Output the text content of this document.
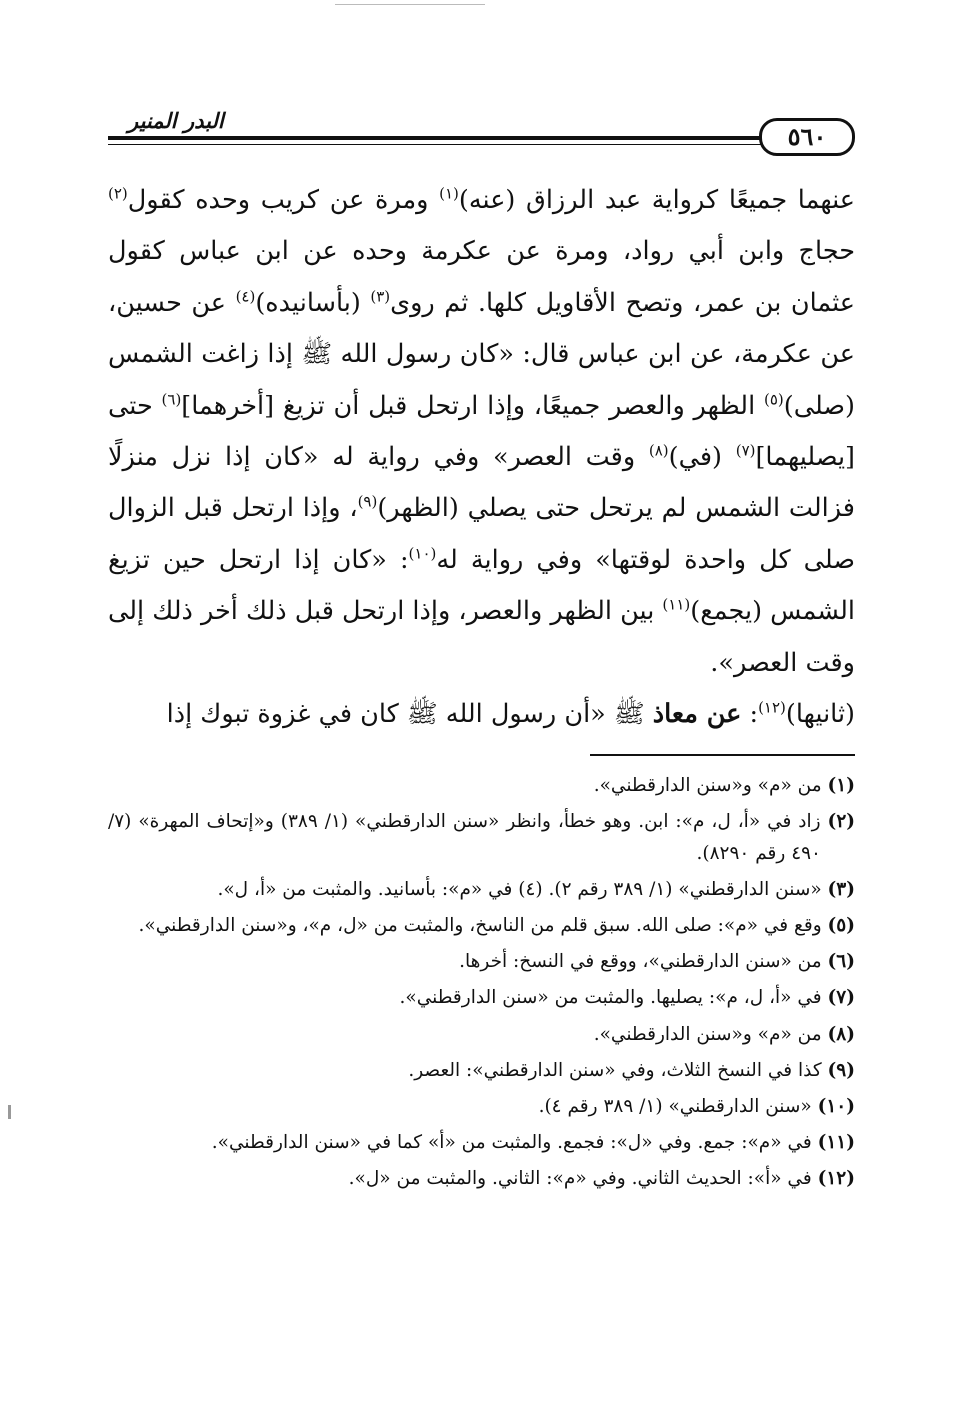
٥٦٠
البدر المنير

عنهما جميعًا كرواية عبد الرزاق (عنه)$^{(١)}$ ومرة عن كريب وحده كقول$^{(٢)}$ حجاج وابن أبي رواد، ومرة عن عكرمة وحده عن ابن عباس كقول عثمان بن عمر، وتصح الأقاويل كلها. ثم روى$^{(٣)}$ (بأسانيده)$^{(٤)}$ عن حسين، عن عكرمة، عن ابن عباس قال: «كان رسول الله ﷺ إذا زاغت الشمس (صلى)$^{(٥)}$ الظهر والعصر جميعًا، وإذا ارتحل قبل أن تزيغ [أخرهما]$^{(٦)}$ حتى [يصليهما]$^{(٧)}$ (في)$^{(٨)}$ وقت العصر» وفي رواية له «كان إذا نزل منزلًا فزالت الشمس لم يرتحل حتى يصلي (الظهر)$^{(٩)}$، وإذا ارتحل قبل الزوال صلى كل واحدة لوقتها» وفي رواية له$^{(١٠)}$: «كان إذا ارتحل حين تزيغ الشمس (يجمع)$^{(١١)}$ بين الظهر والعصر، وإذا ارتحل قبل ذلك أخر ذلك إلى وقت العصر».

(ثانيها)$^{(١٢)}$: عن معاذ ﷺ «أن رسول الله ﷺ كان في غزوة تبوك إذا

(١) من «م» و«سنن الدارقطني».

(٢) زاد في «أ، ل، م»: ابن. وهو خطأ، وانظر «سنن الدارقطني» (١/ ٣٨٩) و«إتحاف المهرة» (٧/ ٤٩٠ رقم ٨٢٩٠).

(٣) «سنن الدارقطني» (١/ ٣٨٩ رقم ٢). (٤) في «م»: بأسانيد. والمثبت من «أ، ل».

(٥) وقع في «م»: صلى الله. سبق قلم من الناسخ، والمثبت من «ل، م»، و«سنن الدارقطني».

(٦) من «سنن الدارقطني»، ووقع في النسخ: أخرها.

(٧) في «أ، ل، م»: يصليها. والمثبت من «سنن الدارقطني».

(٨) من «م» و«سنن الدارقطني».

(٩) كذا في النسخ الثلاث، وفي «سنن الدارقطني»: العصر.

(١٠) «سنن الدارقطني» (١/ ٣٨٩ رقم ٤).

(١١) في «م»: جمع. وفي «ل»: فجمع. والمثبت من «أ» كما في «سنن الدارقطني».

(١٢) في «أ»: الحديث الثاني. وفي «م»: الثاني. والمثبت من «ل».
